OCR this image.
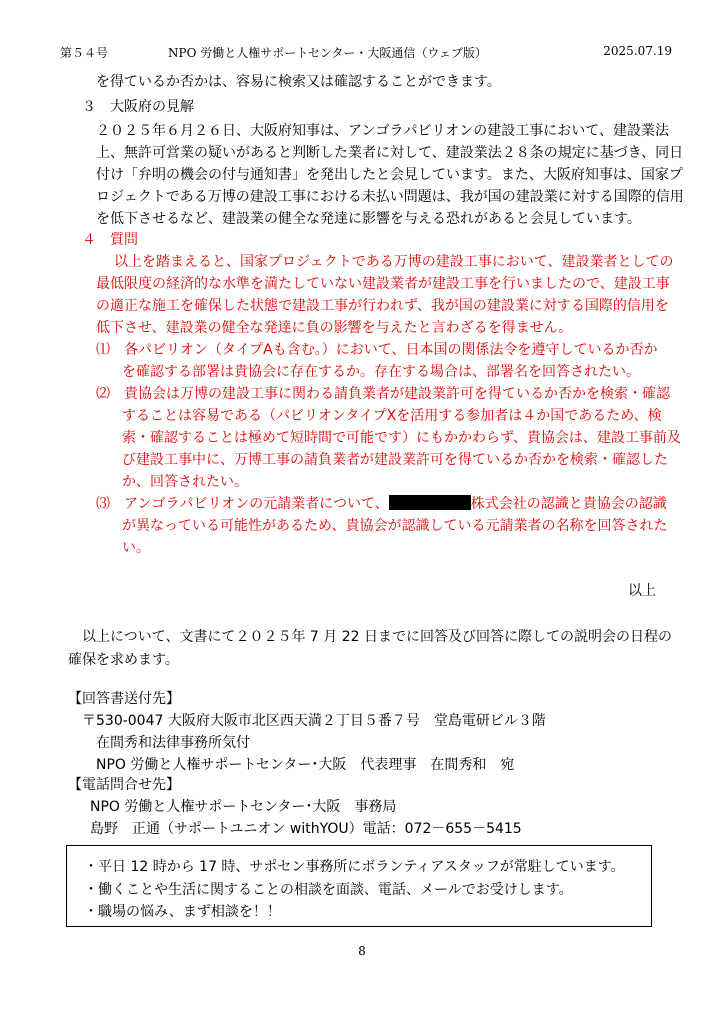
第５４号	NPO 労働と人権サポートセンター・大阪通信（ウェブ版）	2025.07.19
を得ているか否かは、容易に検索又は確認することができます。
３　大阪府の見解
２０２５年６月２６日、大阪府知事は、アンゴラパビリオンの建設工事において、建設業法
上、無許可営業の疑いがあると判断した業者に対して、建設業法２８条の規定に基づき、同日
付け「弁明の機会の付与通知書」を発出したと会見しています。また、大阪府知事は、国家プ
ロジェクトである万博の建設工事における未払い問題は、我が国の建設業に対する国際的信用
を低下させるなど、建設業の健全な発達に影響を与える恐れがあると会見しています。
４　質問
以上を踏まえると、国家プロジェクトである万博の建設工事において、建設業者としての
最低限度の経済的な水準を満たしていない建設業者が建設工事を行いましたので、建設工事
の適正な施工を確保した状態で建設工事が行われず、我が国の建設業に対する国際的信用を
低下させ、建設業の健全な発達に負の影響を与えたと言わざるを得ません。
⑴　各パビリオン（タイプAも含む。）において、日本国の関係法令を遵守しているか否か
を確認する部署は貴協会に存在するか。存在する場合は、部署名を回答されたい。
⑵　貴協会は万博の建設工事に関わる請負業者が建設業許可を得ているか否かを検索・確認
することは容易である（パビリオンタイプXを活用する参加者は４か国であるため、検
索・確認することは極めて短時間で可能です）にもかかわらず、貴協会は、建設工事前及
び建設工事中に、万博工事の請負業者が建設業許可を得ているか否かを検索・確認した
か、回答されたい。
⑶　アンゴラパビリオンの元請業者について、	株式会社の認識と貴協会の認識
が異なっている可能性があるため、貴協会が認識している元請業者の名称を回答された
い。
以上
以上について、文書にて２０２５年 7 月 22 日までに回答及び回答に際しての説明会の日程の
確保を求めます。
【回答書送付先】
〒530-0047 大阪府大阪市北区西天満２丁目５番７号　堂島電研ビル３階
在間秀和法律事務所気付
NPO 労働と人権サポートセンター･大阪　代表理事　在間秀和　宛
【電話問合せ先】
NPO 労働と人権サポートセンター･大阪　事務局
島野　正通（サポートユニオン withYOU）電話：072－655－5415
・平日 12 時から 17 時、サポセン事務所にボランティアスタッフが常駐しています。
・働くことや生活に関することの相談を面談、電話、メールでお受けします。
・職場の悩み、まず相談を！！
8
